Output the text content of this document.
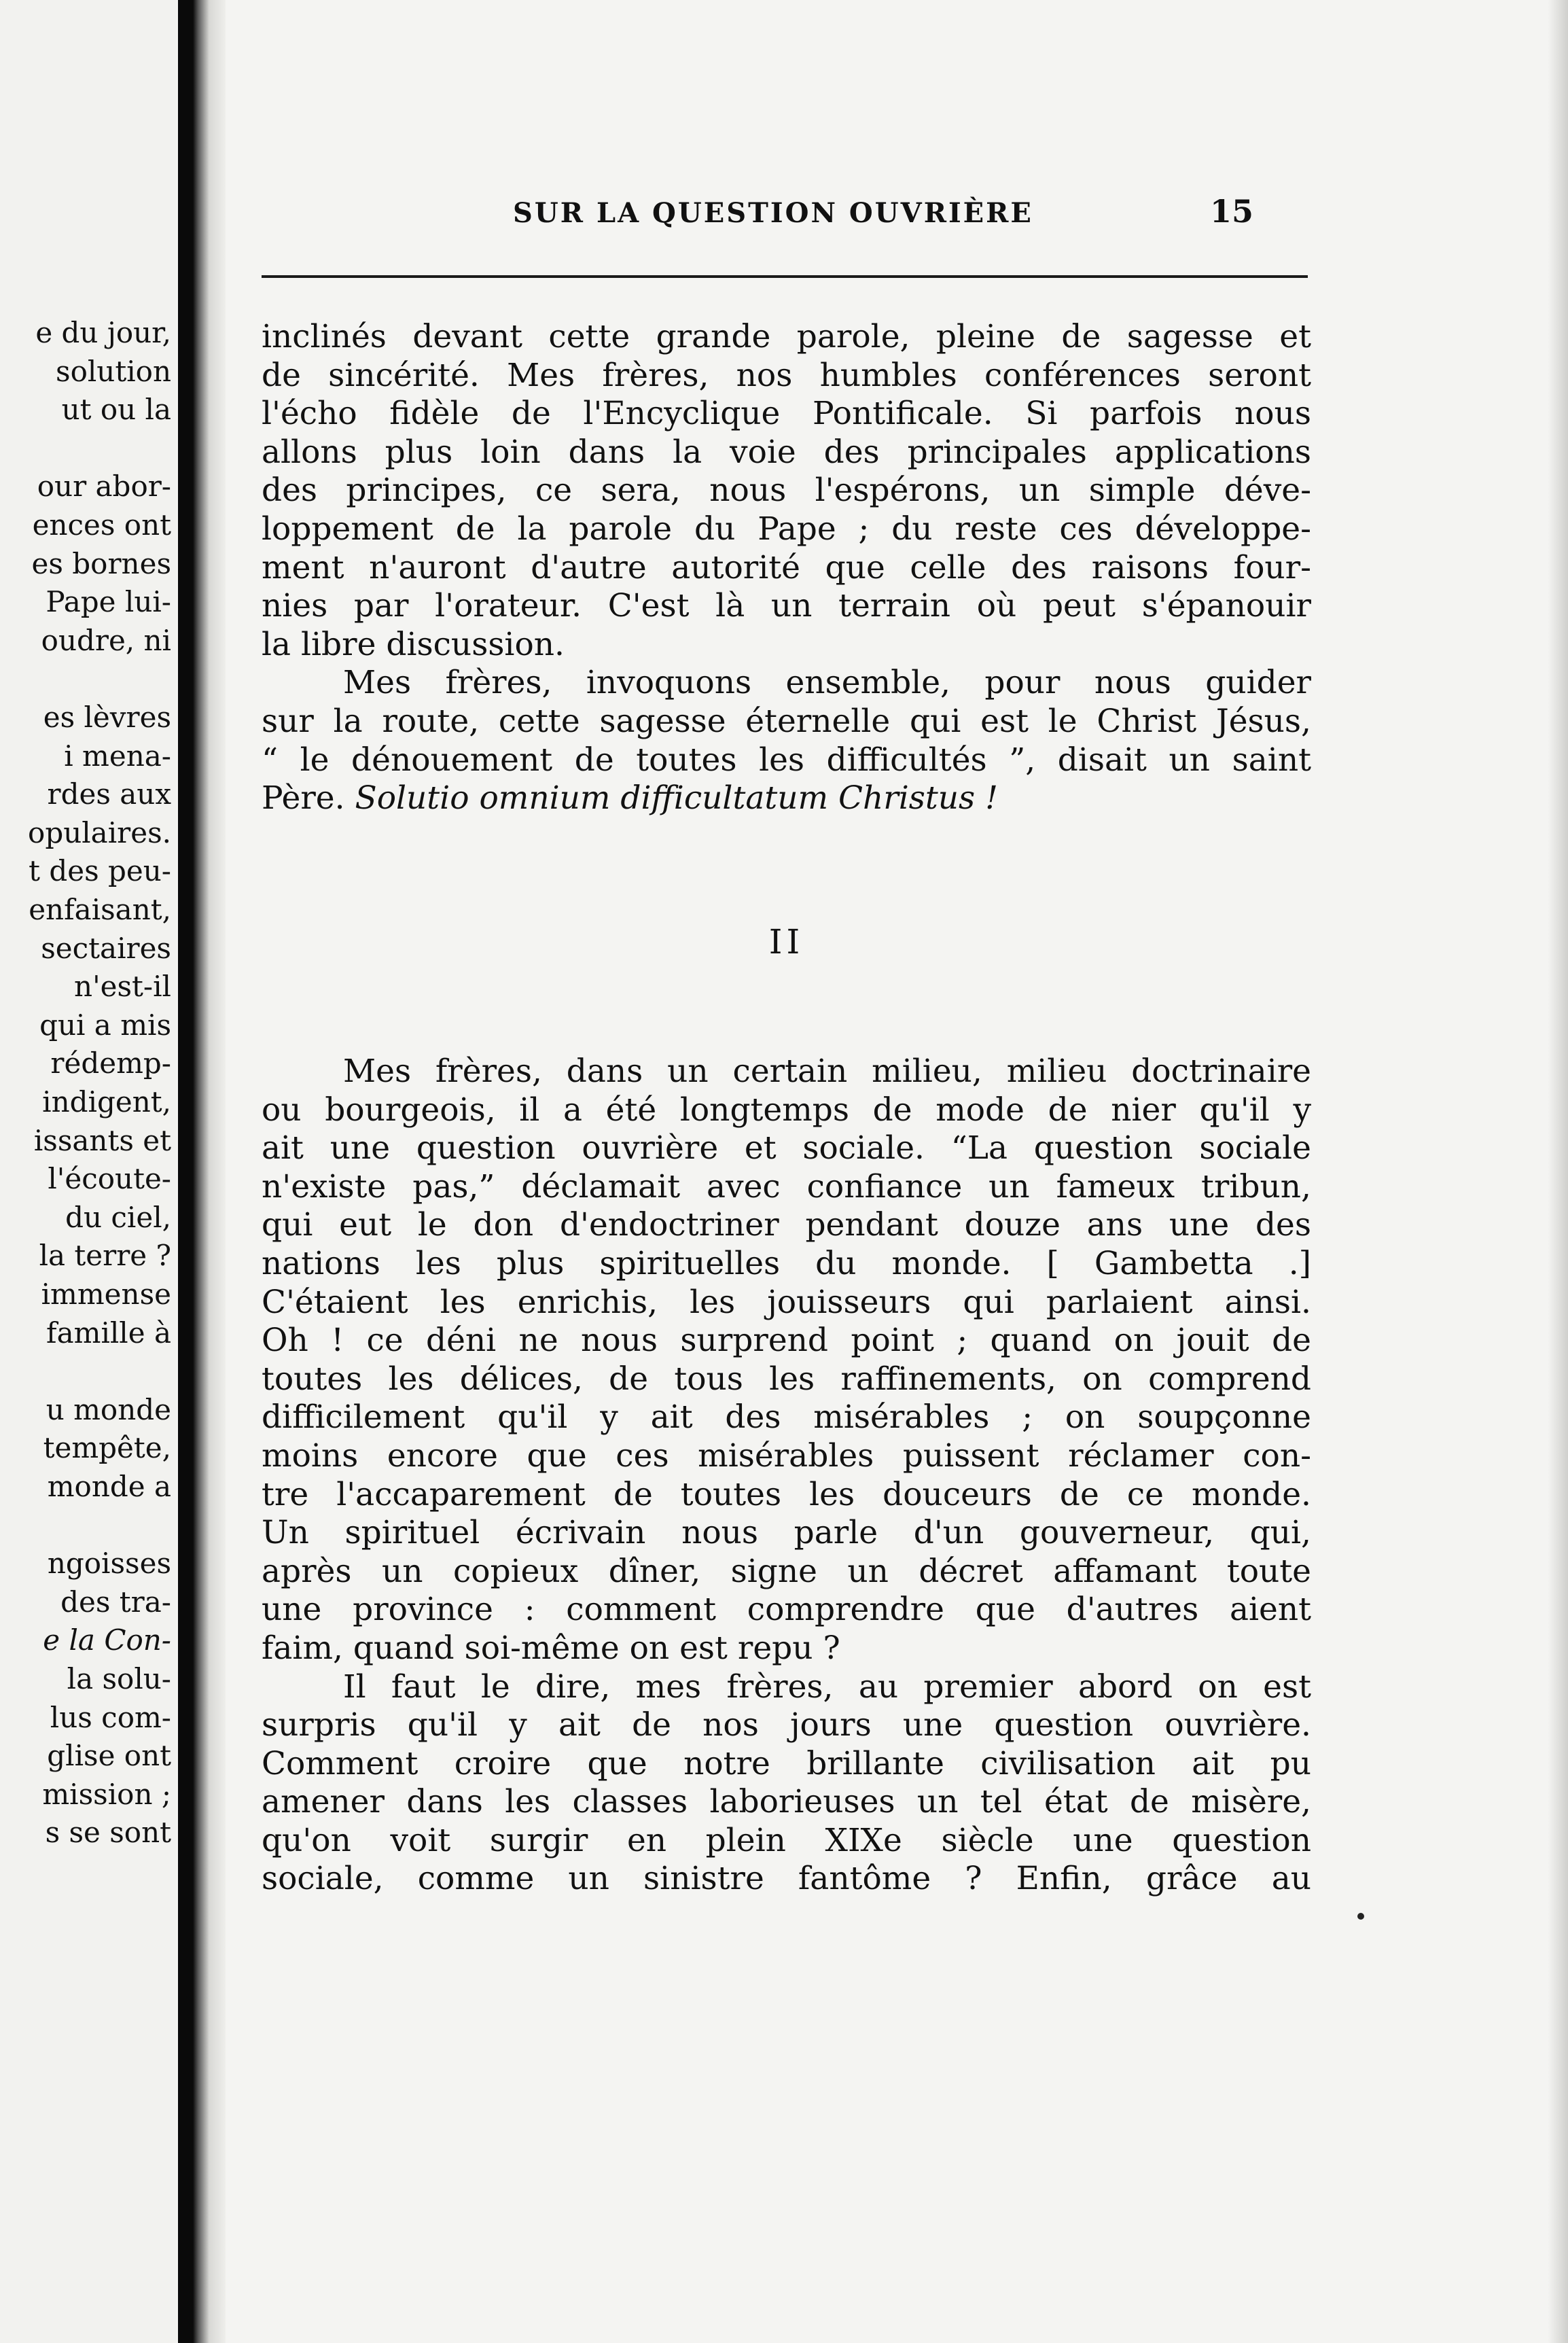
e du jour,
solution
ut ou la
our abor-
ences ont
es bornes
Pape lui-
oudre, ni
es lèvres
i mena-
rdes aux
opulaires.
t des peu-
enfaisant,
sectaires
n'est-il
qui a mis
rédemp-
indigent,
issants et
l'écoute-
du ciel,
la terre ?
immense
famille à
u monde
tempête,
monde a
ngoisses
des tra-
e la Con-
la solu-
lus com-
glise ont
mission ;
s se sont
SUR LA QUESTION OUVRIÈRE	15
inclinés devant cette grande parole, pleine de sagesse et
de sincérité. Mes frères, nos humbles conférences seront
l'écho fidèle de l'Encyclique Pontificale. Si parfois nous
allons plus loin dans la voie des principales applications
des principes, ce sera, nous l'espérons, un simple déve-
loppement de la parole du Pape ; du reste ces développe-
ment n'auront d'autre autorité que celle des raisons four-
nies par l'orateur. C'est là un terrain où peut s'épanouir
la libre discussion.
Mes frères, invoquons ensemble, pour nous guider
sur la route, cette sagesse éternelle qui est le Christ Jésus,
“ le dénouement de toutes les difficultés ”, disait un saint
Père. Solutio omnium difficultatum Christus !
II
Mes frères, dans un certain milieu, milieu doctrinaire
ou bourgeois, il a été longtemps de mode de nier qu'il y
ait une question ouvrière et sociale. “La question sociale
n'existe pas,” déclamait avec confiance un fameux tribun,
qui eut le don d'endoctriner pendant douze ans une des
nations les plus spirituelles du monde. [ Gambetta .]
C'étaient les enrichis, les jouisseurs qui parlaient ainsi.
Oh ! ce déni ne nous surprend point ; quand on jouit de
toutes les délices, de tous les raffinements, on comprend
difficilement qu'il y ait des misérables ; on soupçonne
moins encore que ces misérables puissent réclamer con-
tre l'accaparement de toutes les douceurs de ce monde.
Un spirituel écrivain nous parle d'un gouverneur, qui,
après un copieux dîner, signe un décret affamant toute
une province : comment comprendre que d'autres aient
faim, quand soi-même on est repu ?
Il faut le dire, mes frères, au premier abord on est
surpris qu'il y ait de nos jours une question ouvrière.
Comment croire que notre brillante civilisation ait pu
amener dans les classes laborieuses un tel état de misère,
qu'on voit surgir en plein XIXe siècle une question
sociale, comme un sinistre fantôme ? Enfin, grâce au
